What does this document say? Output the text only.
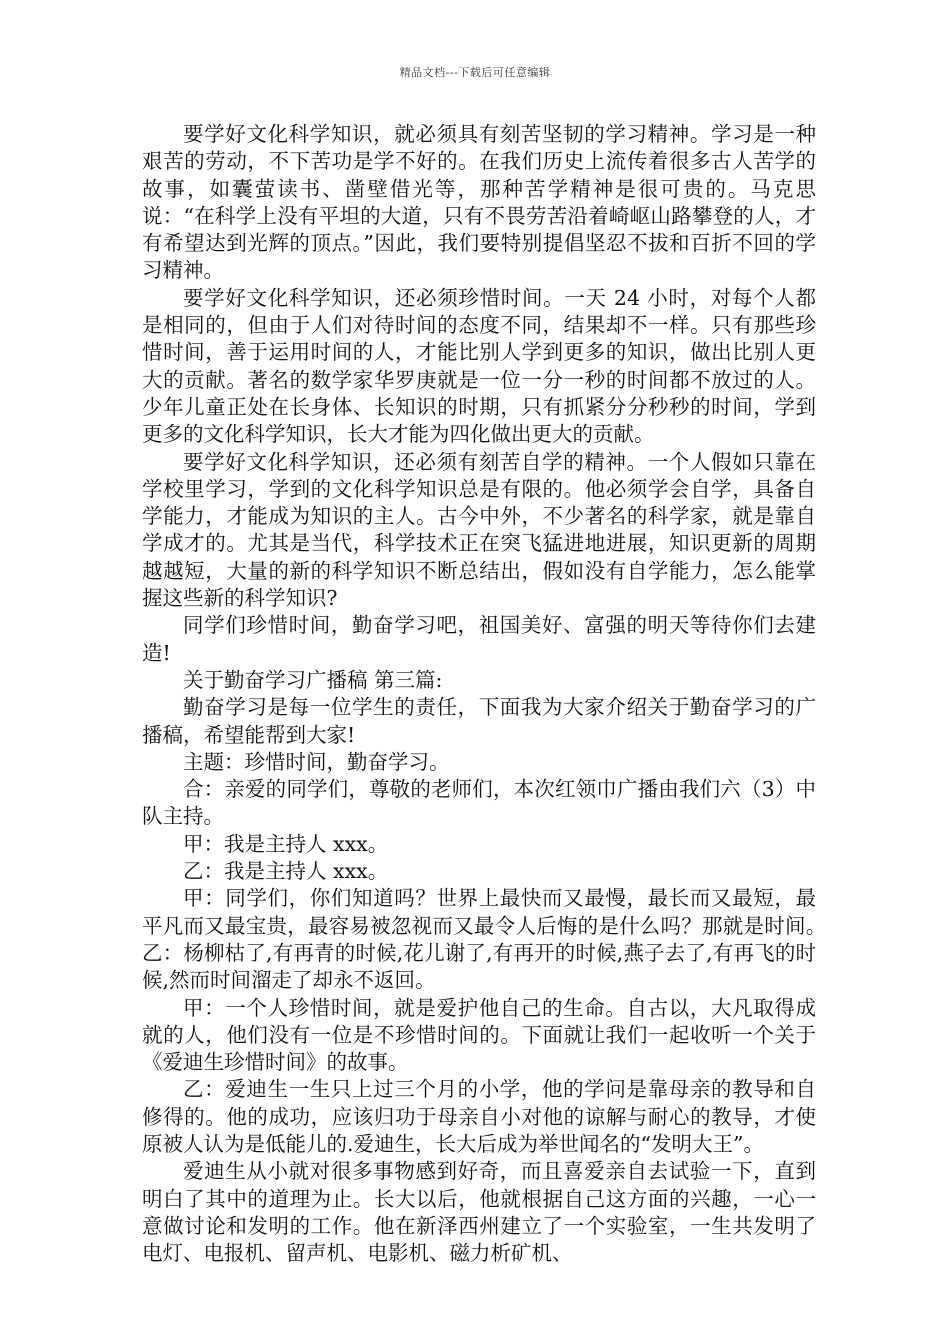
精品文档---下载后可任意编辑

要学好文化科学知识，就必须具有刻苦坚韧的学习精神。学习是一种艰苦的劳动，不下苦功是学不好的。在我们历史上流传着很多古人苦学的故事，如囊萤读书、凿壁借光等，那种苦学精神是很可贵的。马克思说：“在科学上没有平坦的大道，只有不畏劳苦沿着崎岖山路攀登的人，才有希望达到光辉的顶点。”因此，我们要特别提倡坚忍不拔和百折不回的学习精神。

要学好文化科学知识，还必须珍惜时间。一天 24 小时，对每个人都是相同的，但由于人们对待时间的态度不同，结果却不一样。只有那些珍惜时间，善于运用时间的人，才能比别人学到更多的知识，做出比别人更大的贡献。著名的数学家华罗庚就是一位一分一秒的时间都不放过的人。少年儿童正处在长身体、长知识的时期，只有抓紧分分秒秒的时间，学到更多的文化科学知识，长大才能为四化做出更大的贡献。

要学好文化科学知识，还必须有刻苦自学的精神。一个人假如只靠在学校里学习，学到的文化科学知识总是有限的。他必须学会自学，具备自学能力，才能成为知识的主人。古今中外，不少著名的科学家，就是靠自学成才的。尤其是当代，科学技术正在突飞猛进地进展，知识更新的周期越越短，大量的新的科学知识不断总结出，假如没有自学能力，怎么能掌握这些新的科学知识?

同学们珍惜时间，勤奋学习吧，祖国美好、富强的明天等待你们去建造!

关于勤奋学习广播稿 第三篇:

勤奋学习是每一位学生的责任，下面我为大家介绍关于勤奋学习的广播稿，希望能帮到大家!

主题：珍惜时间，勤奋学习。

合：亲爱的同学们，尊敬的老师们，本次红领巾广播由我们六（3）中队主持。

甲：我是主持人 xxx。

乙：我是主持人 xxx。

甲：同学们，你们知道吗？世界上最快而又最慢，最长而又最短，最平凡而又最宝贵，最容易被忽视而又最令人后悔的是什么吗？那就是时间。　乙：杨柳枯了,有再青的时候,花儿谢了,有再开的时候,燕子去了,有再飞的时候,然而时间溜走了却永不返回。

甲：一个人珍惜时间，就是爱护他自己的生命。自古以，大凡取得成就的人，他们没有一位是不珍惜时间的。下面就让我们一起收听一个关于《爱迪生珍惜时间》的故事。

乙：爱迪生一生只上过三个月的小学，他的学问是靠母亲的教导和自修得的。他的成功，应该归功于母亲自小对他的谅解与耐心的教导，才使原被人认为是低能儿的.爱迪生，长大后成为举世闻名的“发明大王”。

爱迪生从小就对很多事物感到好奇，而且喜爱亲自去试验一下，直到明白了其中的道理为止。长大以后，他就根据自己这方面的兴趣，一心一意做讨论和发明的工作。他在新泽西州建立了一个实验室，一生共发明了电灯、电报机、留声机、电影机、磁力析矿机、
